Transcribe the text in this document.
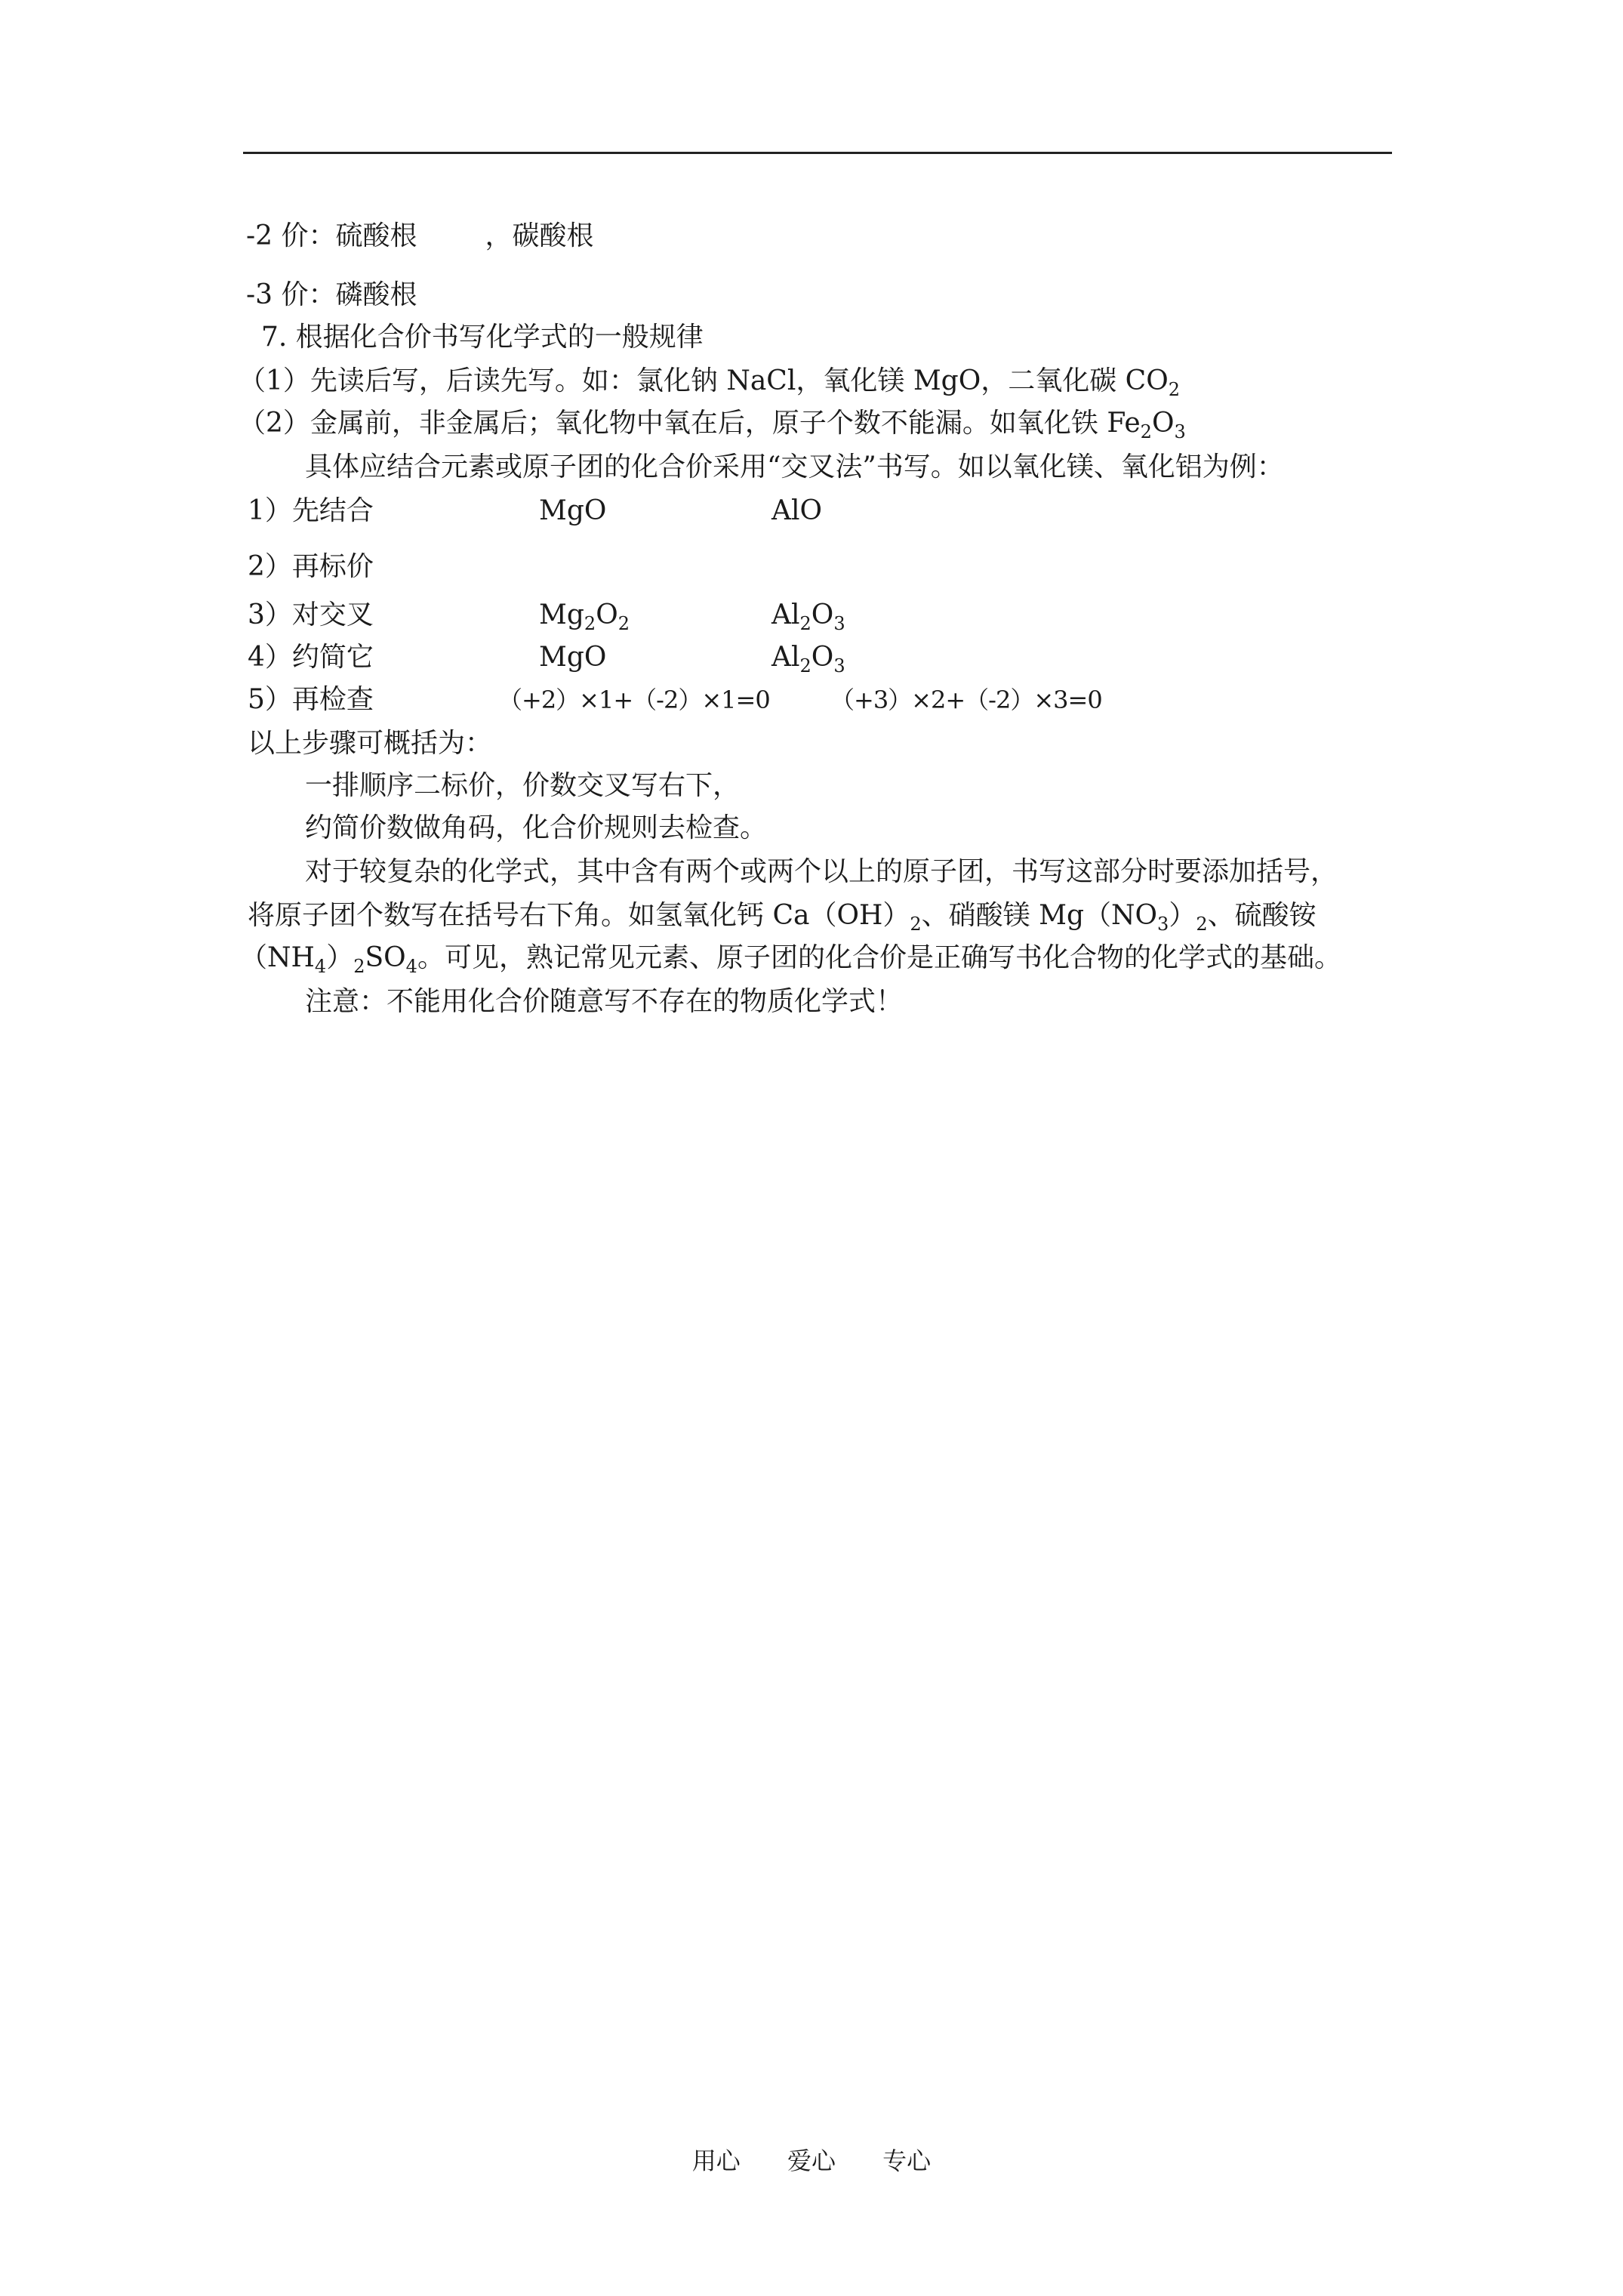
-2 价：硫酸根	，碳酸根
-3 价：磷酸根
7. 根据化合价书写化学式的一般规律
（1）先读后写，后读先写。如：氯化钠 NaCl，氧化镁 MgO，二氧化碳 $CO_2$
（2）金属前，非金属后；氧化物中氧在后，原子个数不能漏。如氧化铁 $Fe_2O_3$
具体应结合元素或原子团的化合价采用“交叉法”书写。如以氧化镁、氧化铝为例：
1）先结合	MgO	AlO
2）再标价
3）对交叉	$Mg_2O_2$	$Al_2O_3$
4）约简它	MgO	$Al_2O_3$
5）再检查	（+2）×1+（-2）×1=0	（+3）×2+（-2）×3=0
以上步骤可概括为：
一排顺序二标价，价数交叉写右下，
约简价数做角码，化合价规则去检查。
对于较复杂的化学式，其中含有两个或两个以上的原子团，书写这部分时要添加括号，
将原子团个数写在括号右下角。如氢氧化钙 $Ca(OH)_2$、硝酸镁 $Mg(NO_3)_2$、硫酸铵
$(NH_4)_2SO_4$。可见，熟记常见元素、原子团的化合价是正确写书化合物的化学式的基础。
注意：不能用化合价随意写不存在的物质化学式！
用心 爱心 专心
